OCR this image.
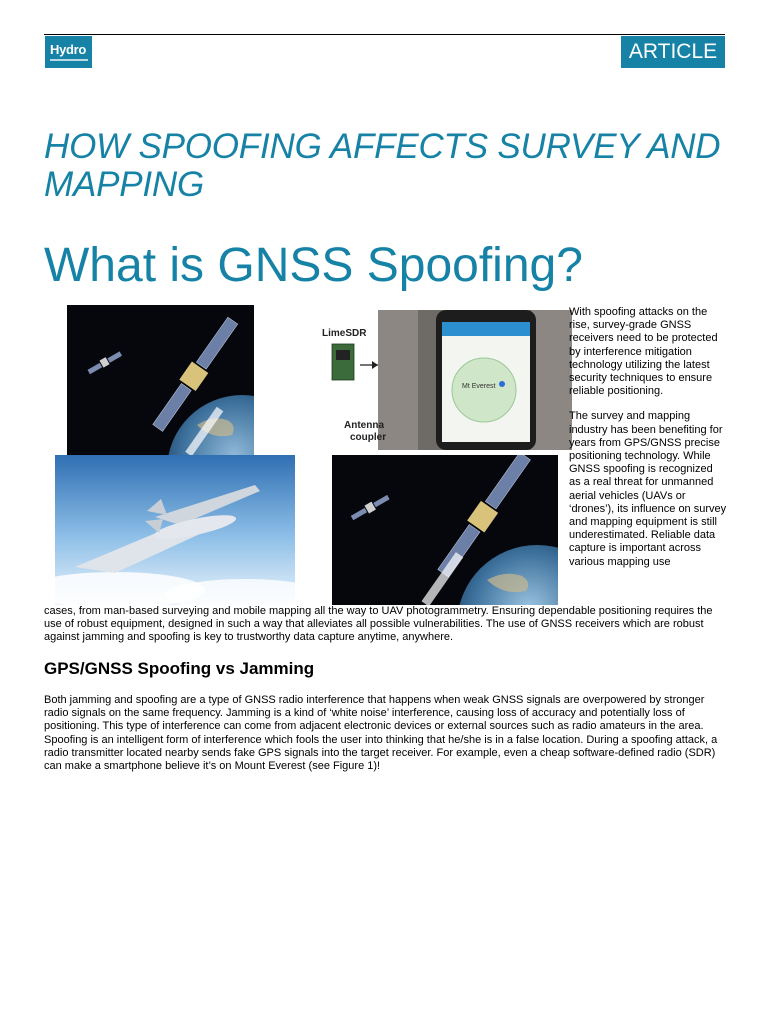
Hydro	ARTICLE
HOW SPOOFING AFFECTS SURVEY AND MAPPING
What is GNSS Spoofing?
Mt Everest
LimeSDR
Antenna
coupler

With spoofing attacks on the rise, survey-grade GNSS receivers need to be protected by interference mitigation technology utilizing the latest security techniques to ensure reliable positioning.

The survey and mapping industry has been benefiting for years from GPS/GNSS precise positioning technology. While GNSS spoofing is recognized as a real threat for unmanned aerial vehicles (UAVs or ‘drones’), its influence on survey and mapping equipment is still underestimated. Reliable data capture is important across various mapping use

cases, from man-based surveying and mobile mapping all the way to UAV photogrammetry. Ensuring dependable positioning requires the use of robust equipment, designed in such a way that alleviates all possible vulnerabilities. The use of GNSS receivers which are robust against jamming and spoofing is key to trustworthy data capture anytime, anywhere.

GPS/GNSS Spoofing vs Jamming

Both jamming and spoofing are a type of GNSS radio interference that happens when weak GNSS signals are overpowered by stronger radio signals on the same frequency. Jamming is a kind of ‘white noise’ interference, causing loss of accuracy and potentially loss of positioning. This type of interference can come from adjacent electronic devices or external sources such as radio amateurs in the area. Spoofing is an intelligent form of interference which fools the user into thinking that he/she is in a false location. During a spoofing attack, a radio transmitter located nearby sends fake GPS signals into the target receiver. For example, even a cheap software-defined radio (SDR) can make a smartphone believe it’s on Mount Everest (see Figure 1)!
